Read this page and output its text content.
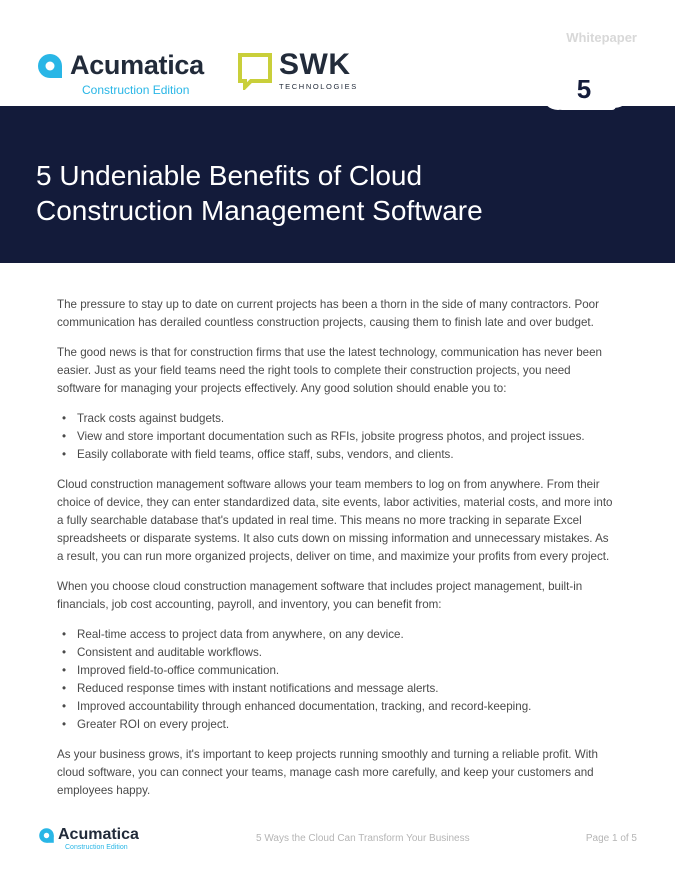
Whitepaper
Acumatica
Construction Edition
SWK
TECHNOLOGIES
5 Undeniable Benefits of Cloud Construction Management Software
5

The pressure to stay up to date on current projects has been a thorn in the side of many contractors. Poor communication has derailed countless construction projects, causing them to finish late and over budget.

The good news is that for construction firms that use the latest technology, communication has never been easier. Just as your field teams need the right tools to complete their construction projects, you need software for managing your projects effectively. Any good solution should enable you to:

• Track costs against budgets.
• View and store important documentation such as RFIs, jobsite progress photos, and project issues.
• Easily collaborate with field teams, office staff, subs, vendors, and clients.

Cloud construction management software allows your team members to log on from anywhere. From their choice of device, they can enter standardized data, site events, labor activities, material costs, and more into a fully searchable database that's updated in real time. This means no more tracking in separate Excel spreadsheets or disparate systems. It also cuts down on missing information and unnecessary mistakes. As a result, you can run more organized projects, deliver on time, and maximize your profits from every project.

When you choose cloud construction management software that includes project management, built-in financials, job cost accounting, payroll, and inventory, you can benefit from:

• Real-time access to project data from anywhere, on any device.
• Consistent and auditable workflows.
• Improved field-to-office communication.
• Reduced response times with instant notifications and message alerts.
• Improved accountability through enhanced documentation, tracking, and record-keeping.
• Greater ROI on every project.

As your business grows, it's important to keep projects running smoothly and turning a reliable profit. With cloud software, you can connect your teams, manage cash more carefully, and keep your customers and employees happy.

Acumatica
Construction Edition
5 Ways the Cloud Can Transform Your Business	Page 1 of 5
